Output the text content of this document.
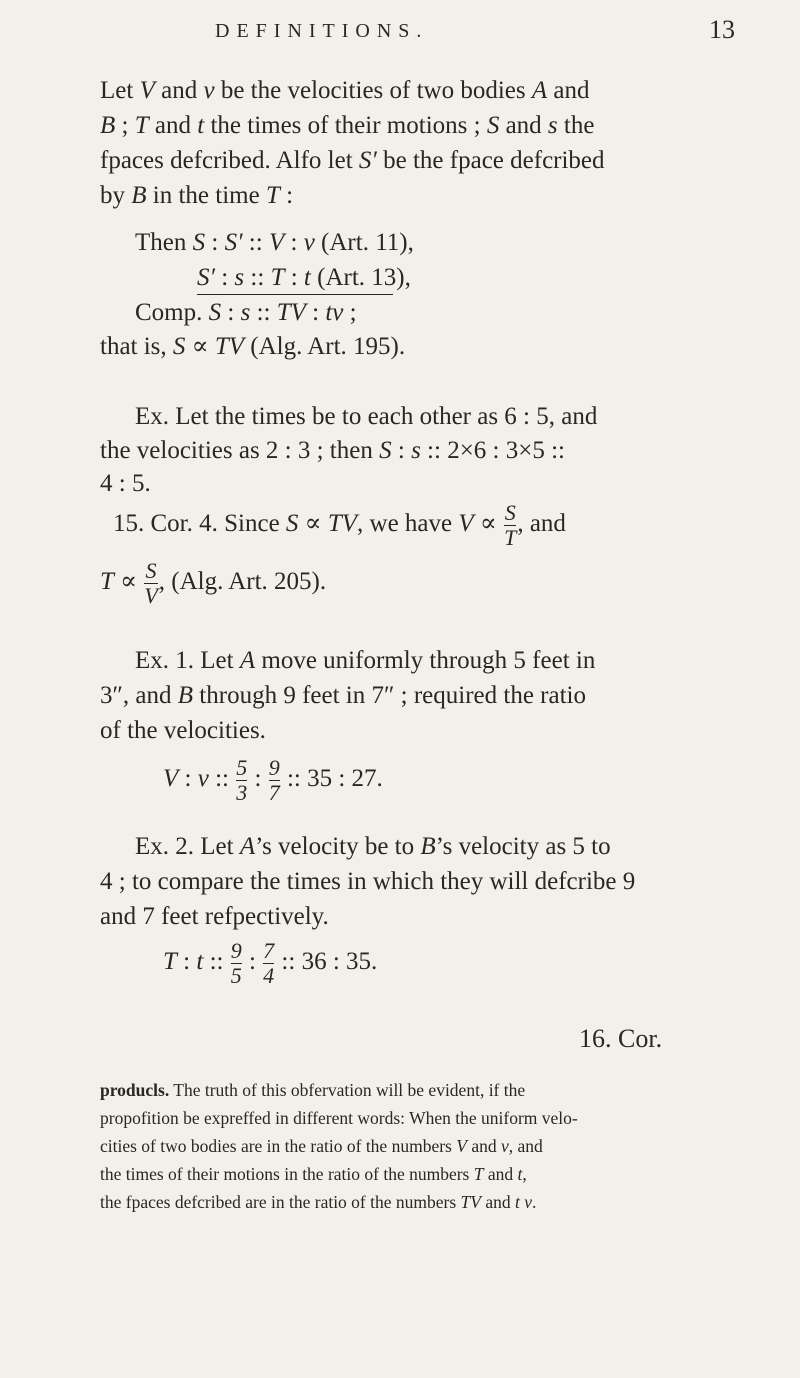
DEFINITIONS.	13
Let V and v be the velocities of two bodies A and
B ; T and t the times of their motions ; S and s the
fpaces defcribed. Alfo let S′ be the fpace defcribed
by B in the time T :
Then S : S′ :: V : v (Art. 11),
S′ : s :: T : t (Art. 13),
Comp. S : s :: TV : tv ;
that is, S ∝ TV (Alg. Art. 195).
Ex. Let the times be to each other as 6 : 5, and
the velocities as 2 : 3 ; then S : s :: 2×6 : 3×5 ::
4 : 5.
15. Cor. 4. Since S ∝ TV, we have $V \propto \frac{S}{T}$ , and
$T \propto \frac{S}{V}$ , (Alg. Art. 205).
Ex. 1. Let A move uniformly through 5 feet in
3″, and B through 9 feet in 7″ ; required the ratio
of the velocities.
V : v :: $\frac{5}{3}$ : $\frac{9}{7}$ :: 35 : 27.
Ex. 2. Let A’s velocity be to B’s velocity as 5 to
4 ; to compare the times in which they will defcribe 9
and 7 feet refpectively.
T : t :: $\frac{9}{5}$ : $\frac{7}{4}$ :: 36 : 35.
16. Cor.
producls. The truth of this obfervation will be evident, if the
propofition be expreffed in different words: When the uniform velo-
cities of two bodies are in the ratio of the numbers V and v, and
the times of their motions in the ratio of the numbers T and t,
the fpaces defcribed are in the ratio of the numbers TV and t v.
